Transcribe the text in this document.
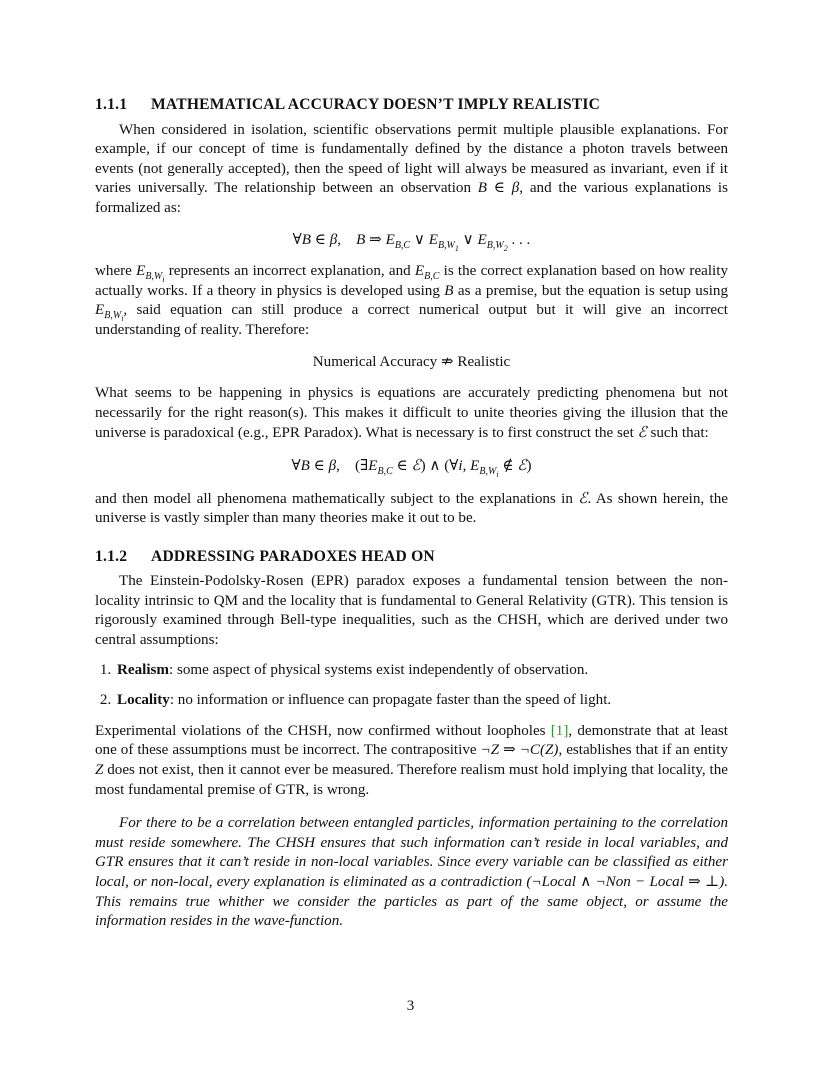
1.1.1 MATHEMATICAL ACCURACY DOESN’T IMPLY REALISTIC

When considered in isolation, scientific observations permit multiple plausible explanations. For example, if our concept of time is fundamentally defined by the distance a photon travels between events (not generally accepted), then the speed of light will always be measured as invariant, even if it varies universally. The relationship between an observation B ∈ β, and the various explanations is formalized as:

∀B ∈ β,    B ⇒ $E_{B,C}$ ∨ $E_{B,W_1}$ ∨ $E_{B,W_2}$ . . .

where $E_{B,W_i}$ represents an incorrect explanation, and $E_{B,C}$ is the correct explanation based on how reality actually works. If a theory in physics is developed using B as a premise, but the equation is setup using $E_{B,W_i}$, said equation can still produce a correct numerical output but it will give an incorrect understanding of reality. Therefore:

Numerical Accuracy ⇏ Realistic

What seems to be happening in physics is equations are accurately predicting phenomena but not necessarily for the right reason(s). This makes it difficult to unite theories giving the illusion that the universe is paradoxical (e.g., EPR Paradox). What is necessary is to first construct the set ℰ such that:

∀B ∈ β,    ($\exists E_{B,C}$ ∈ ℰ) ∧ (∀i, $E_{B,W_i}$ ∉ ℰ)

and then model all phenomena mathematically subject to the explanations in ℰ. As shown herein, the universe is vastly simpler than many theories make it out to be.

1.1.2 ADDRESSING PARADOXES HEAD ON

The Einstein-Podolsky-Rosen (EPR) paradox exposes a fundamental tension between the non-locality intrinsic to QM and the locality that is fundamental to General Relativity (GTR). This tension is rigorously examined through Bell-type inequalities, such as the CHSH, which are derived under two central assumptions:

1. Realism: some aspect of physical systems exist independently of observation.
2. Locality: no information or influence can propagate faster than the speed of light.

Experimental violations of the CHSH, now confirmed without loopholes [1], demonstrate that at least one of these assumptions must be incorrect. The contrapositive ¬Z ⇒ ¬C(Z), establishes that if an entity Z does not exist, then it cannot ever be measured. Therefore realism must hold implying that locality, the most fundamental premise of GTR, is wrong.

For there to be a correlation between entangled particles, information pertaining to the correlation must reside somewhere. The CHSH ensures that such information can’t reside in local variables, and GTR ensures that it can’t reside in non-local variables. Since every variable can be classified as either local, or non-local, every explanation is eliminated as a contradiction (¬Local ∧ ¬Non − Local ⇒ ⊥). This remains true whither we consider the particles as part of the same object, or assume the information resides in the wave-function.

3
